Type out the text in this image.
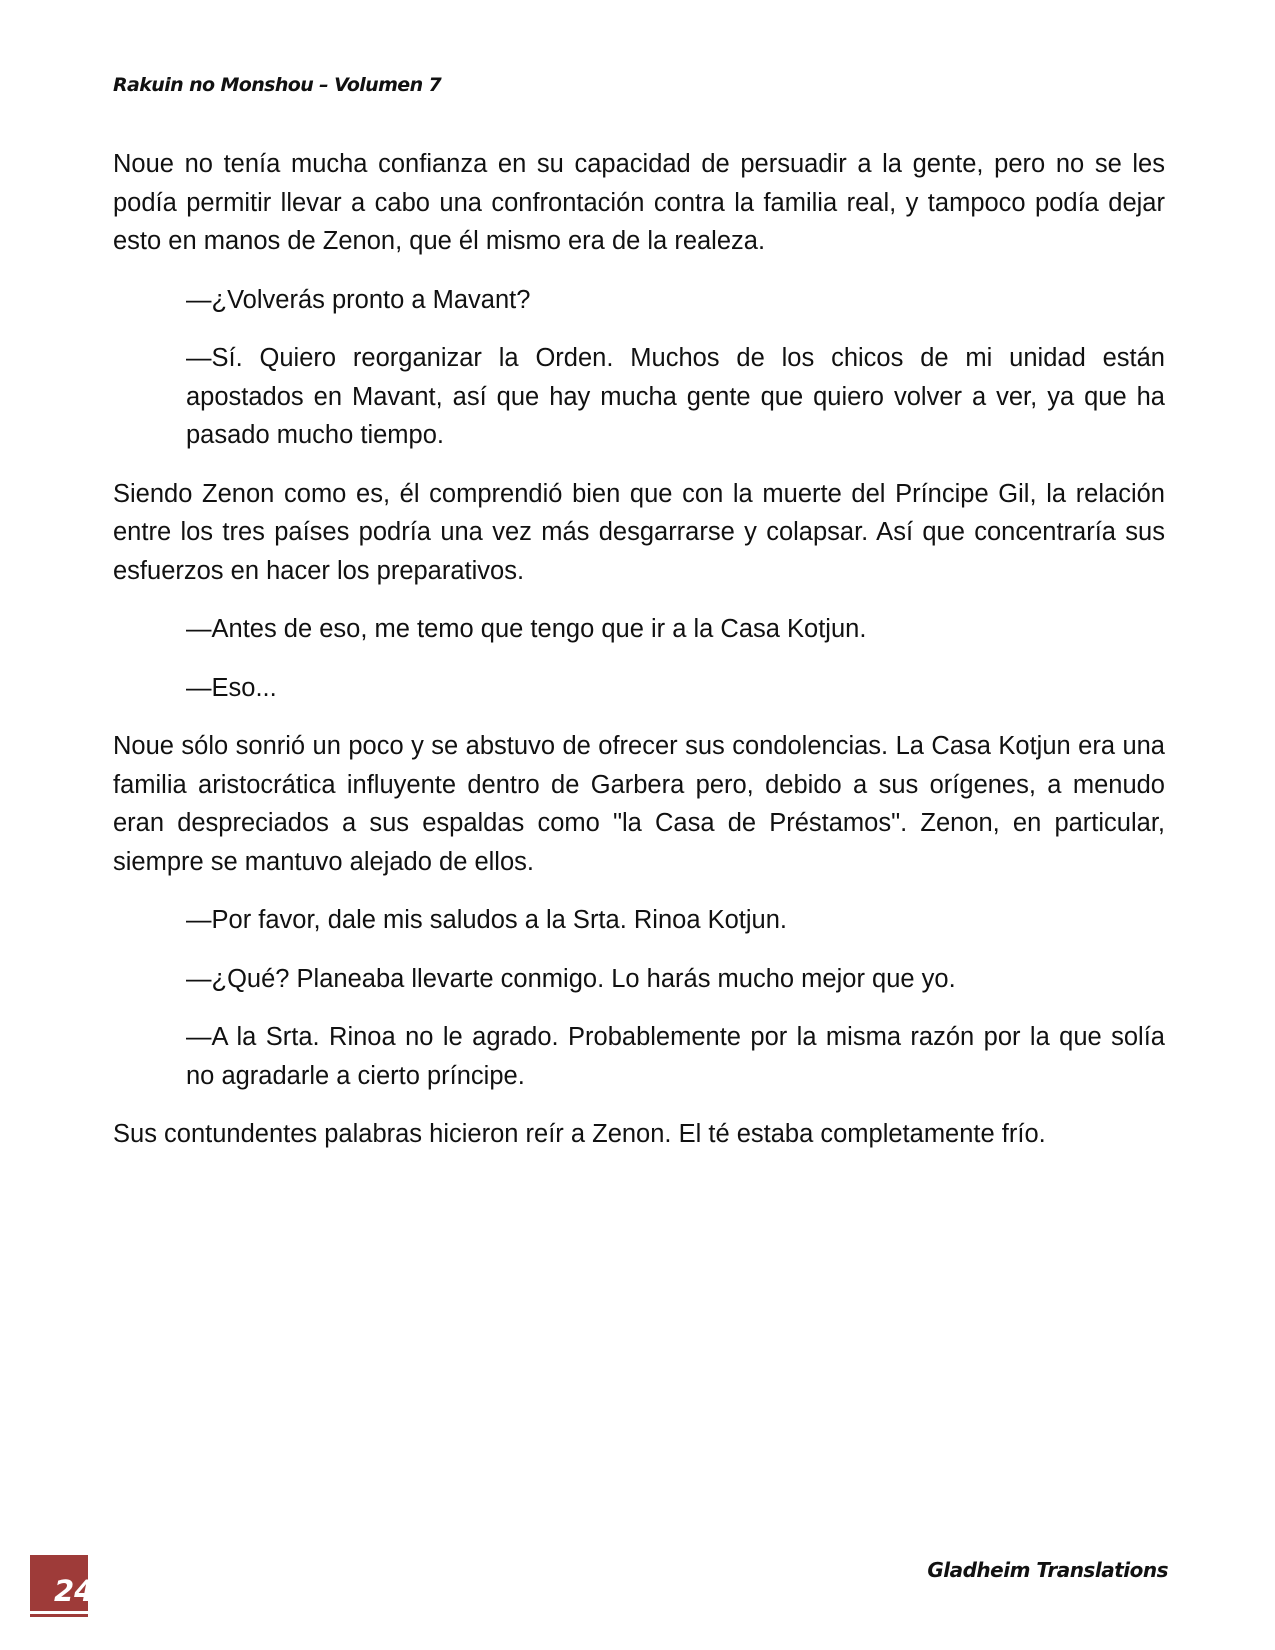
Rakuin no Monshou – Volumen 7

Noue no tenía mucha confianza en su capacidad de persuadir a la gente, pero no se les podía permitir llevar a cabo una confrontación contra la familia real, y tampoco podía dejar esto en manos de Zenon, que él mismo era de la realeza.

—¿Volverás pronto a Mavant?

—Sí. Quiero reorganizar la Orden. Muchos de los chicos de mi unidad están apostados en Mavant, así que hay mucha gente que quiero volver a ver, ya que ha pasado mucho tiempo.

Siendo Zenon como es, él comprendió bien que con la muerte del Príncipe Gil, la relación entre los tres países podría una vez más desgarrarse y colapsar. Así que concentraría sus esfuerzos en hacer los preparativos.

—Antes de eso, me temo que tengo que ir a la Casa Kotjun.

—Eso...

Noue sólo sonrió un poco y se abstuvo de ofrecer sus condolencias. La Casa Kotjun era una familia aristocrática influyente dentro de Garbera pero, debido a sus orígenes, a menudo eran despreciados a sus espaldas como "la Casa de Préstamos". Zenon, en particular, siempre se mantuvo alejado de ellos.

—Por favor, dale mis saludos a la Srta. Rinoa Kotjun.

—¿Qué? Planeaba llevarte conmigo. Lo harás mucho mejor que yo.

—A la Srta. Rinoa no le agrado. Probablemente por la misma razón por la que solía no agradarle a cierto príncipe.

Sus contundentes palabras hicieron reír a Zenon. El té estaba completamente frío.

24
Gladheim Translations
